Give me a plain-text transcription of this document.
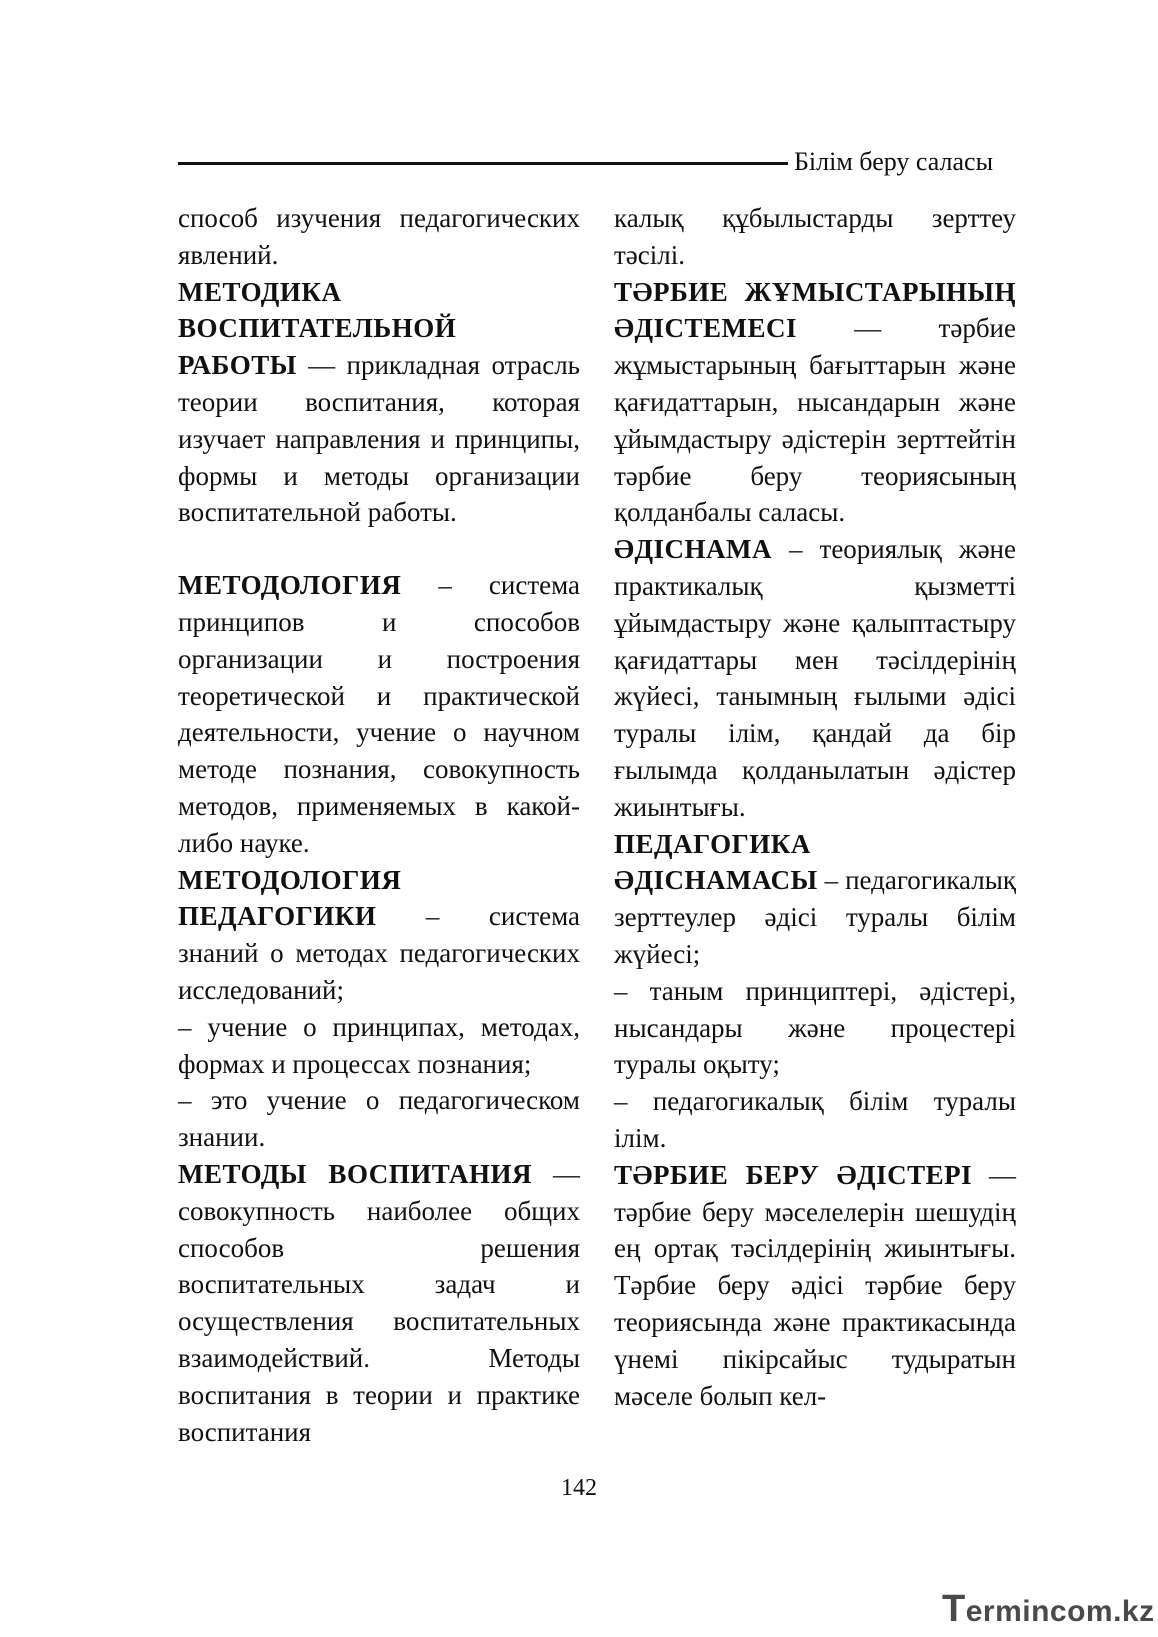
Білім беру саласы

способ изучения педагогических явлений.

МЕТОДИКА ВОСПИТАТЕЛЬНОЙ РАБОТЫ — прикладная отрасль теории воспитания, которая изучает направления и принципы, формы и методы организации воспитательной работы.

МЕТОДОЛОГИЯ – система принципов и способов организации и построения теоретической и практической деятельности, учение о научном методе познания, совокупность методов, применяемых в какой-либо науке.

МЕТОДОЛОГИЯ ПЕДАГОГИКИ – система знаний о методах педагогических исследований;
– учение о принципах, методах, формах и процессах познания;
– это учение о педагогическом знании.

МЕТОДЫ ВОСПИТАНИЯ — совокупность наиболее общих способов решения воспитательных задач и осуществления воспитательных взаимодействий. Методы воспитания в теории и практике воспитания

калық құбылыстарды зерттеу тәсілі.

ТӘРБИЕ ЖҰМЫСТАРЫНЫҢ ӘДІСТЕМЕСІ — тәрбие жұмыстарының бағыттарын және қағидаттарын, нысандарын және ұйымдастыру әдістерін зерттейтін тәрбие беру теориясының қолданбалы саласы.

ӘДІСНАМА – теориялық және практикалық қызметті ұйымдастыру және қалыптастыру қағидаттары мен тәсілдерінің жүйесі, танымның ғылыми әдісі туралы ілім, қандай да бір ғылымда қолданылатын әдістер жиынтығы.

ПЕДАГОГИКА ӘДІСНАМАСЫ – педагогикалық зерттеулер әдісі туралы білім жүйесі;
– таным принциптері, әдістері, нысандары және процестері туралы оқыту;
– педагогикалық білім туралы ілім.

ТӘРБИЕ БЕРУ ӘДІСТЕРІ — тәрбие беру мәселелерін шешудің ең ортақ тәсілдерінің жиынтығы. Тәрбие беру әдісі тәрбие беру теориясында және практикасында үнемі пікірсайыс тудыратын мәселе болып кел-

142
Termincom.kz
